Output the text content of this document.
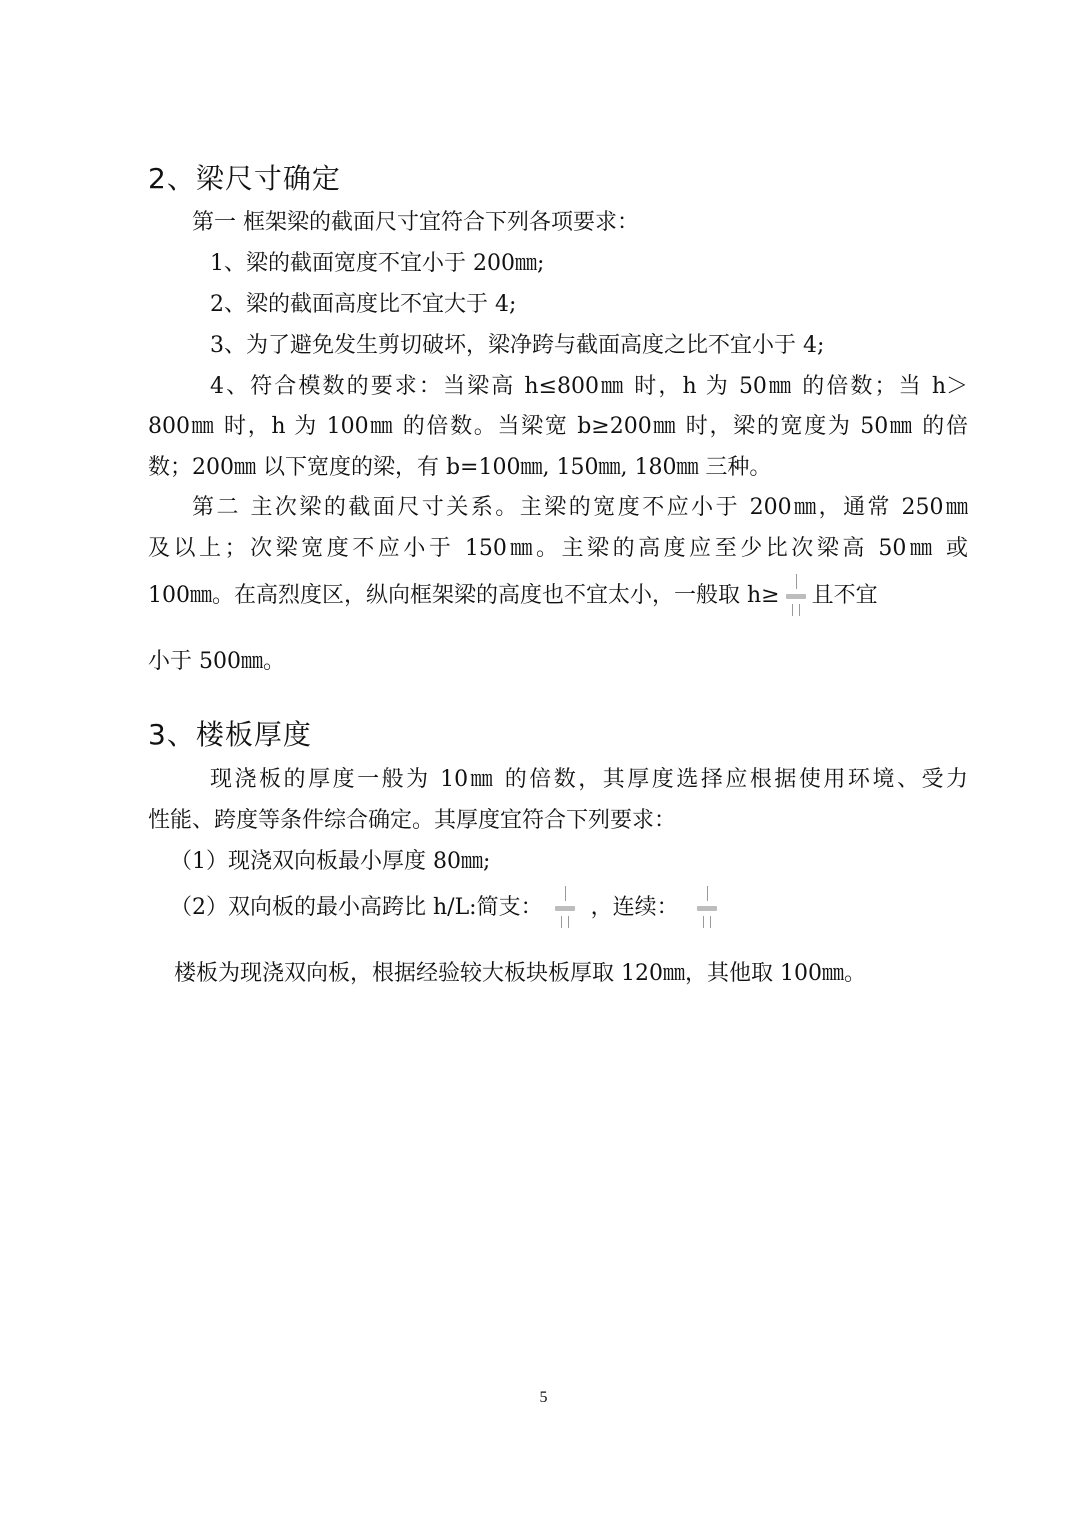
2、梁尺寸确定
第一 框架梁的截面尺寸宜符合下列各项要求：
1、梁的截面宽度不宜小于 200㎜;
2、梁的截面高度比不宜大于 4;
3、为了避免发生剪切破坏，梁净跨与截面高度之比不宜小于 4;
4、符合模数的要求：当梁高 h≤800㎜ 时，h 为 50㎜ 的倍数；当 h＞
800㎜ 时，h 为 100㎜ 的倍数。当梁宽 b≥200㎜ 时，梁的宽度为 50㎜ 的倍
数；200㎜ 以下宽度的梁，有 b=100㎜, 150㎜, 180㎜ 三种。
第二 主次梁的截面尺寸关系。主梁的宽度不应小于 200㎜，通常 250㎜
及以上；次梁宽度不应小于 150㎜。主梁的高度应至少比次梁高 50㎜ 或
100㎜。在高烈度区，纵向框架梁的高度也不宜太小，一般取 h≥ 且不宜
小于 500㎜。
3、楼板厚度
现浇板的厚度一般为 10㎜ 的倍数，其厚度选择应根据使用环境、受力
性能、跨度等条件综合确定。其厚度宜符合下列要求：
（1）现浇双向板最小厚度 80㎜;
（2）双向板的最小高跨比 h/L:简支： ，连续：
楼板为现浇双向板，根据经验较大板块板厚取 120㎜，其他取 100㎜。
5
